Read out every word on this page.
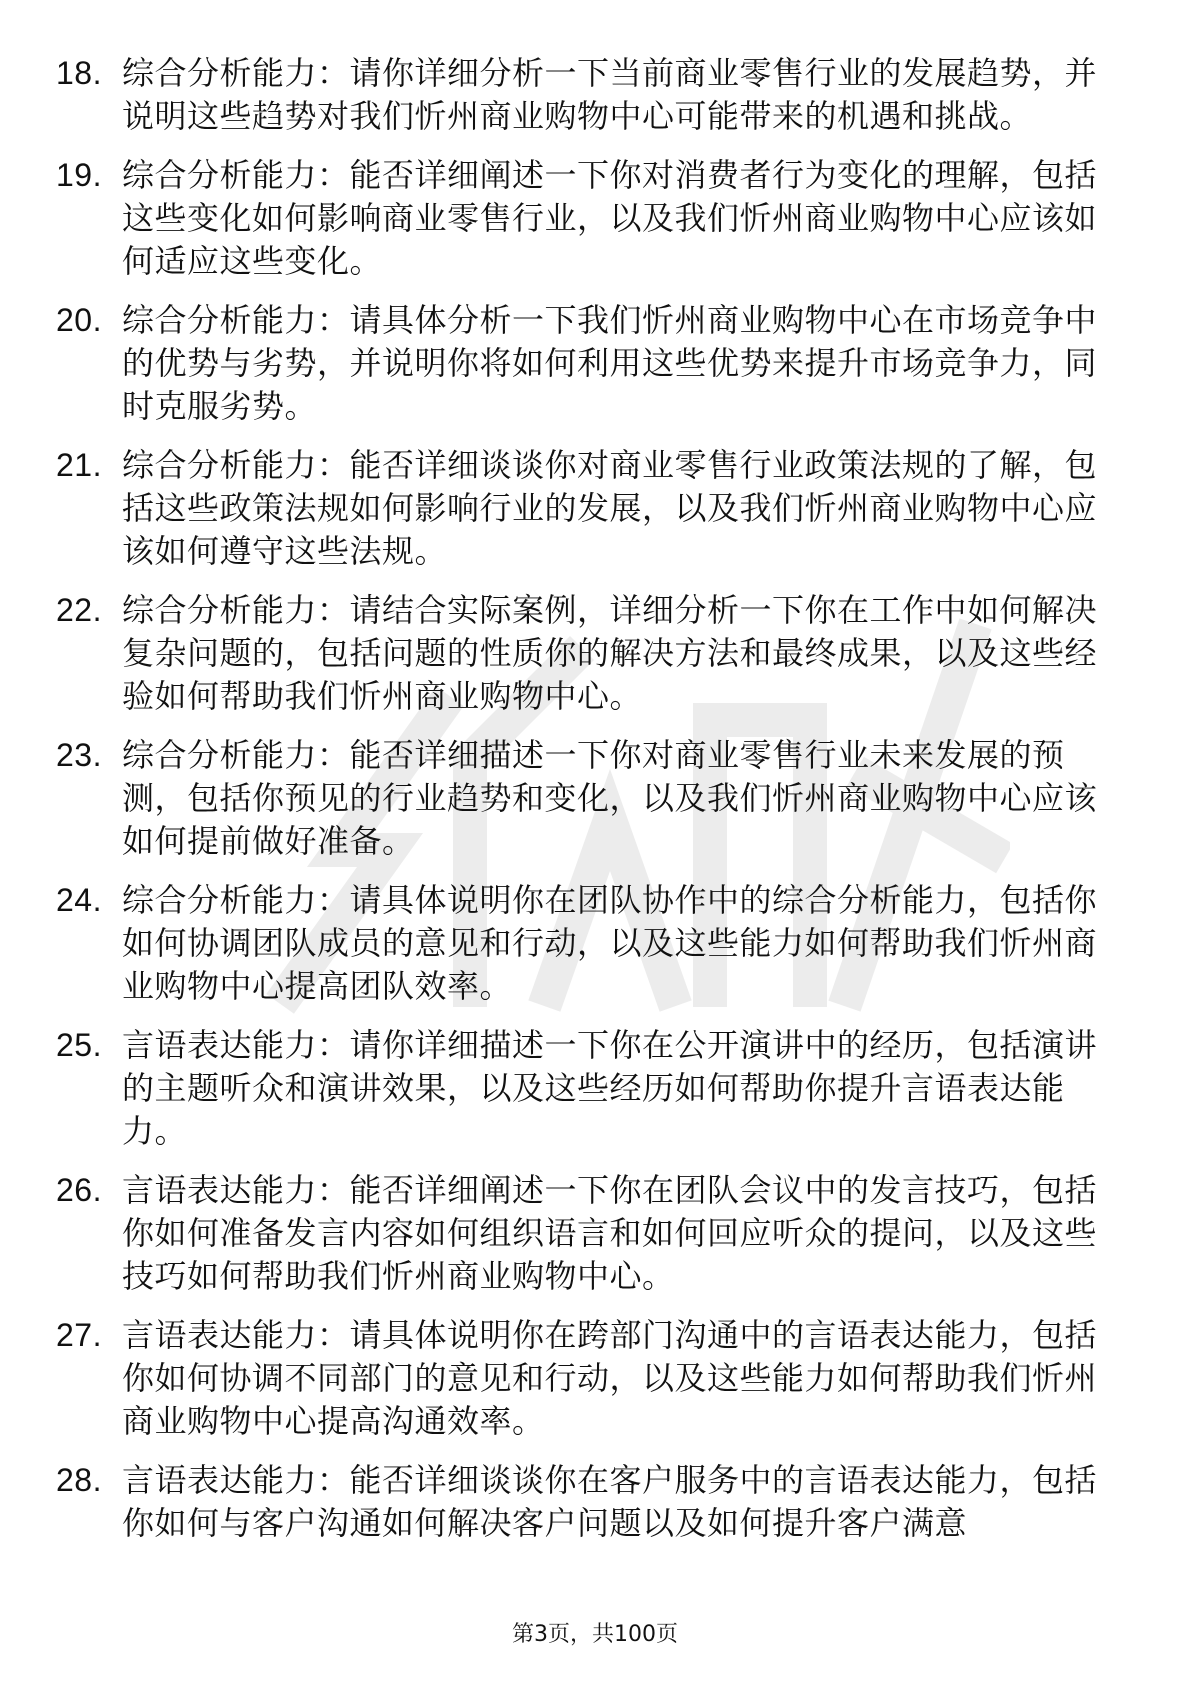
18. 综合分析能力：请你详细分析一下当前商业零售行业的发展趋势，并说明这些趋势对我们忻州商业购物中心可能带来的机遇和挑战。
19. 综合分析能力：能否详细阐述一下你对消费者行为变化的理解，包括这些变化如何影响商业零售行业，以及我们忻州商业购物中心应该如何适应这些变化。
20. 综合分析能力：请具体分析一下我们忻州商业购物中心在市场竞争中的优势与劣势，并说明你将如何利用这些优势来提升市场竞争力，同时克服劣势。
21. 综合分析能力：能否详细谈谈你对商业零售行业政策法规的了解，包括这些政策法规如何影响行业的发展，以及我们忻州商业购物中心应该如何遵守这些法规。
22. 综合分析能力：请结合实际案例，详细分析一下你在工作中如何解决复杂问题的，包括问题的性质你的解决方法和最终成果，以及这些经验如何帮助我们忻州商业购物中心。
23. 综合分析能力：能否详细描述一下你对商业零售行业未来发展的预测，包括你预见的行业趋势和变化，以及我们忻州商业购物中心应该如何提前做好准备。
24. 综合分析能力：请具体说明你在团队协作中的综合分析能力，包括你如何协调团队成员的意见和行动，以及这些能力如何帮助我们忻州商业购物中心提高团队效率。
25. 言语表达能力：请你详细描述一下你在公开演讲中的经历，包括演讲的主题听众和演讲效果，以及这些经历如何帮助你提升言语表达能力。
26. 言语表达能力：能否详细阐述一下你在团队会议中的发言技巧，包括你如何准备发言内容如何组织语言和如何回应听众的提问，以及这些技巧如何帮助我们忻州商业购物中心。
27. 言语表达能力：请具体说明你在跨部门沟通中的言语表达能力，包括你如何协调不同部门的意见和行动，以及这些能力如何帮助我们忻州商业购物中心提高沟通效率。
28. 言语表达能力：能否详细谈谈你在客户服务中的言语表达能力，包括你如何与客户沟通如何解决客户问题以及如何提升客户满意
第3页，共100页
